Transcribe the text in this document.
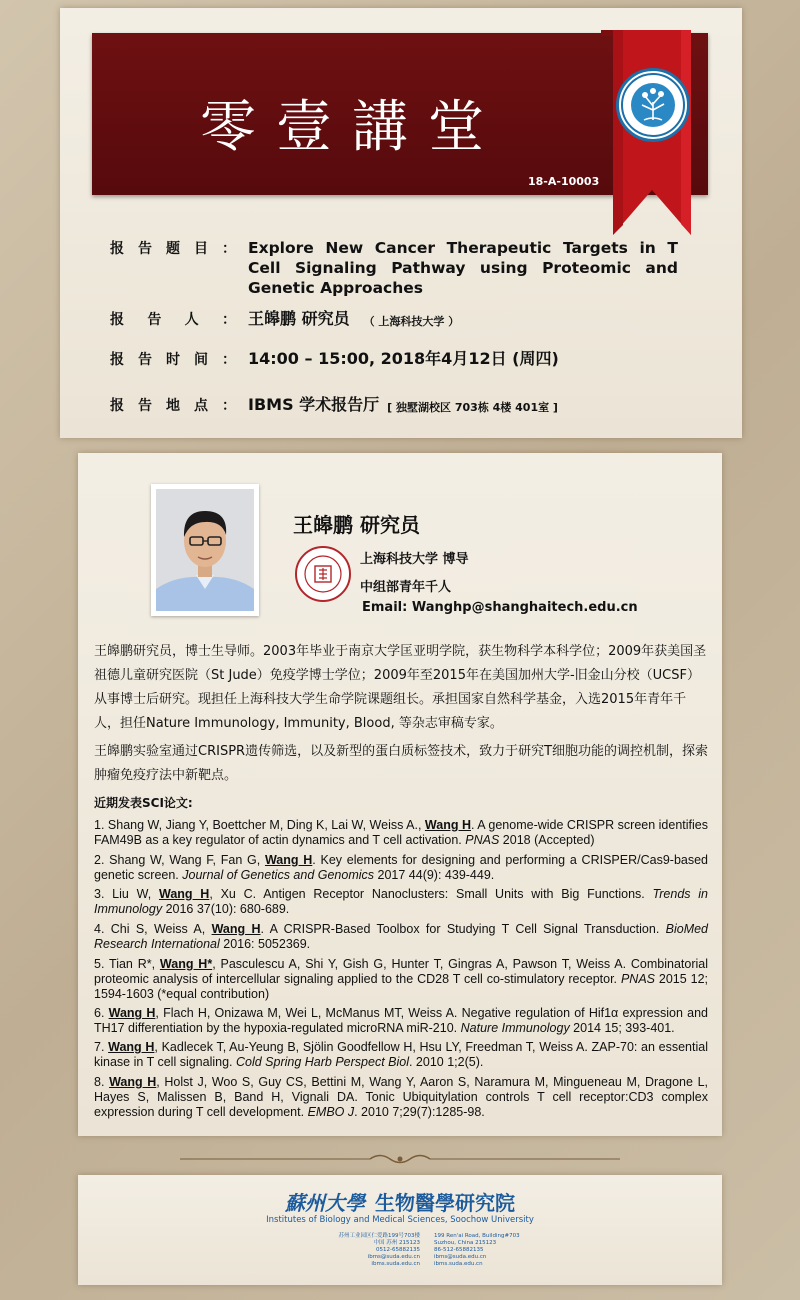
零壹講堂
18-A-10003
报 告 题 目 ： Explore New Cancer Therapeutic Targets in T Cell Signaling Pathway using Proteomic and Genetic Approaches
报 告 人 ： 王皞鹏 研究员 （ 上海科技大学 ）
报 告 时 间 ： 14:00 – 15:00, 2018年4月12日 (周四)
报 告 地 点 ： IBMS 学术报告厅 [ 独墅湖校区 703栋 4楼 401室 ]
王皞鹏 研究员
上海科技大学 博导
中组部青年千人
Email: Wanghp@shanghaitech.edu.cn
王皞鹏研究员，博士生导师。2003年毕业于南京大学匡亚明学院，获生物科学本科学位；2009年获美国圣祖德儿童研究医院（St Jude）免疫学博士学位；2009年至2015年在美国加州大学-旧金山分校（UCSF）从事博士后研究。现担任上海科技大学生命学院课题组长。承担国家自然科学基金，入选2015年青年千人，担任Nature Immunology, Immunity, Blood, 等杂志审稿专家。
王皞鹏实验室通过CRISPR遗传筛选，以及新型的蛋白质标签技术，致力于研究T细胞功能的调控机制，探索肿瘤免疫疗法中新靶点。
近期发表SCI论文:
1. Shang W, Jiang Y, Boettcher M, Ding K, Lai W, Weiss A., Wang H. A genome-wide CRISPR screen identifies FAM49B as a key regulator of actin dynamics and T cell activation. PNAS 2018 (Accepted)
2. Shang W, Wang F, Fan G, Wang H. Key elements for designing and performing a CRISPER/Cas9-based genetic screen. Journal of Genetics and Genomics 2017 44(9): 439-449.
3. Liu W, Wang H, Xu C. Antigen Receptor Nanoclusters: Small Units with Big Functions. Trends in Immunology 2016 37(10): 680-689.
4. Chi S, Weiss A, Wang H. A CRISPR-Based Toolbox for Studying T Cell Signal Transduction. BioMed Research International 2016: 5052369.
5. Tian R*, Wang H*, Pasculescu A, Shi Y, Gish G, Hunter T, Gingras A, Pawson T, Weiss A. Combinatorial proteomic analysis of intercellular signaling applied to the CD28 T cell co-stimulatory receptor. PNAS 2015 12; 1594-1603 (*equal contribution)
6. Wang H, Flach H, Onizawa M, Wei L, McManus MT, Weiss A. Negative regulation of Hif1α expression and TH17 differentiation by the hypoxia-regulated microRNA miR-210. Nature Immunology 2014 15; 393-401.
7. Wang H, Kadlecek T, Au-Yeung B, Sjölin Goodfellow H, Hsu LY, Freedman T, Weiss A. ZAP-70: an essential kinase in T cell signaling. Cold Spring Harb Perspect Biol. 2010 1;2(5).
8. Wang H, Holst J, Woo S, Guy CS, Bettini M, Wang Y, Aaron S, Naramura M, Mingueneau M, Dragone L, Hayes S, Malissen B, Band H, Vignali DA. Tonic Ubiquitylation controls T cell receptor:CD3 complex expression during T cell development. EMBO J. 2010 7;29(7):1285-98.
蘇州大學 生物醫學研究院
Institutes of Biology and Medical Sciences, Soochow University
苏州工业园区仁爱路199号703楼
中国 苏州 215123
0512-65882135
ibms@suda.edu.cn
ibms.suda.edu.cn
199 Ren'ai Road, Building#703
Suzhou, China 215123
86-512-65882135
ibms@suda.edu.cn
ibms.suda.edu.cn
